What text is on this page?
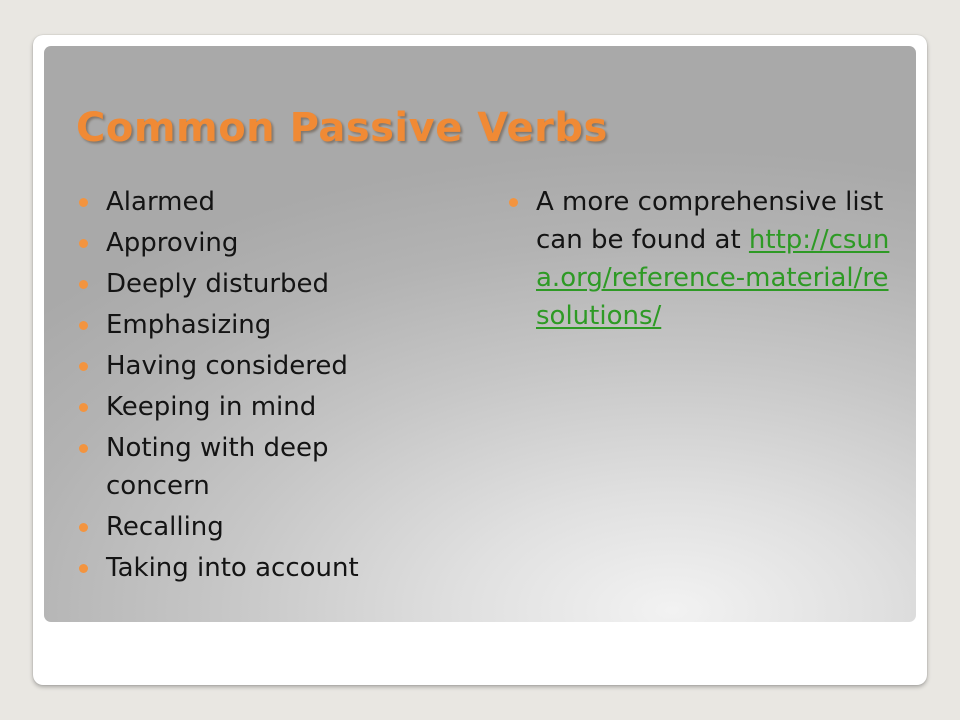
Common Passive Verbs
Alarmed
Approving
Deeply disturbed
Emphasizing
Having considered
Keeping in mind
Noting with deep concern
Recalling
Taking into account
A more comprehensive list can be found at http://csuna.org/reference-material/resolutions/
